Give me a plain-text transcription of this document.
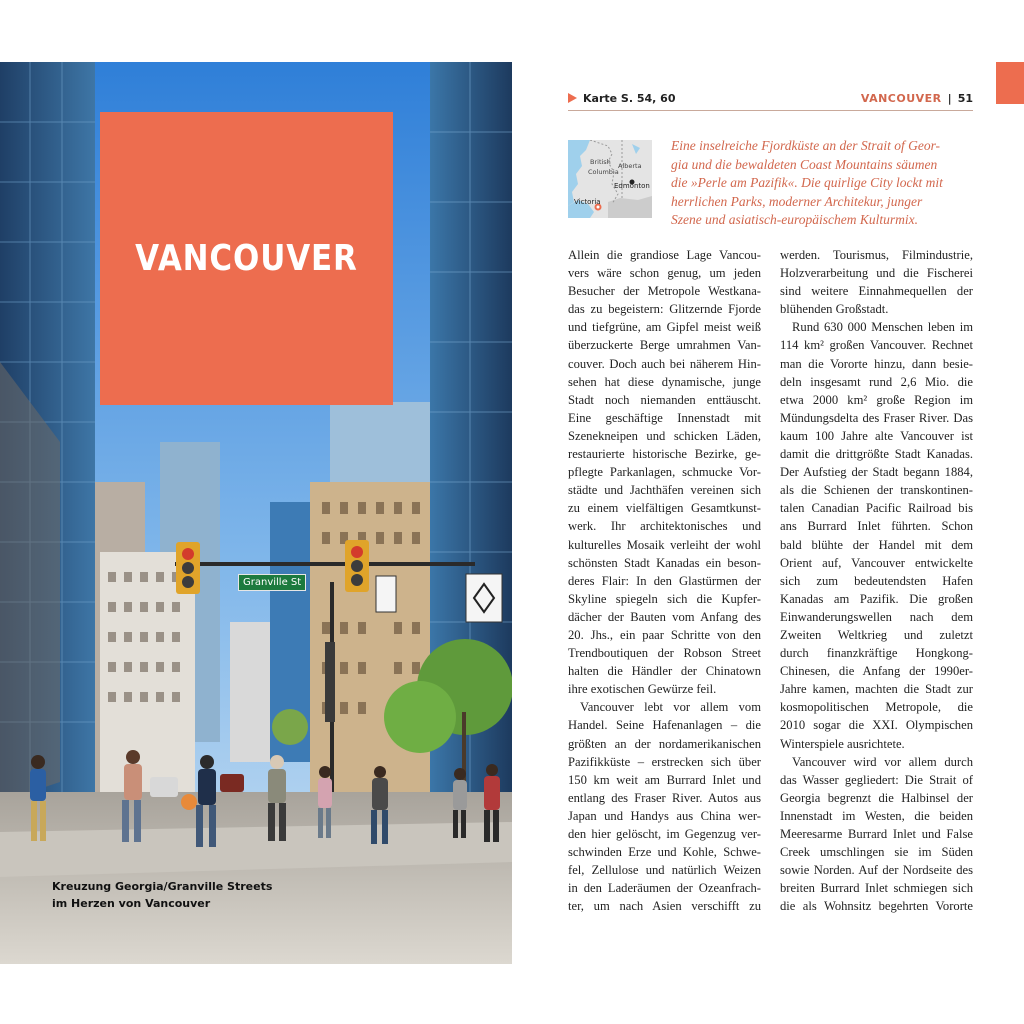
Granville St
VANCOUVER
Kreuzung Georgia/Granville Streets
im Herzen von Vancouver
Karte S. 54, 60	VANCOUVER | 51
British Alberta
Columbia
Edmonton
Victoria
Eine inselreiche Fjordküste an der Strait of Geor-
gia und die bewaldeten Coast Mountains säumen
die »Perle am Pazifik«. Die quirlige City lockt mit
herrlichen Parks, moderner Architekur, junger
Szene und asiatisch-europäischem Kulturmix.
Allein die grandiose Lage Vancou-
vers wäre schon genug, um jeden
Besucher der Metropole Westkana-
das zu begeistern: Glitzernde Fjorde
und tiefgrüne, am Gipfel meist weiß
überzuckerte Berge umrahmen Van-
couver. Doch auch bei näherem Hin-
sehen hat diese dynamische, junge
Stadt noch niemanden enttäuscht.
Eine geschäftige Innenstadt mit
Szenekneipen und schicken Läden,
restaurierte historische Bezirke, ge-
pflegte Parkanlagen, schmucke Vor-
städte und Jachthäfen vereinen sich
zu einem vielfältigen Gesamtkunst-
werk. Ihr architektonisches und
kulturelles Mosaik verleiht der wohl
schönsten Stadt Kanadas ein beson-
deres Flair: In den Glastürmen der
Skyline spiegeln sich die Kupfer-
dächer der Bauten vom Anfang des
20. Jhs., ein paar Schritte von den
Trendboutiquen der Robson Street
halten die Händler der Chinatown
ihre exotischen Gewürze feil.
Vancouver lebt vor allem vom
Handel. Seine Hafenanlagen – die
größten an der nordamerikanischen
Pazifikküste – erstrecken sich über
150 km weit am Burrard Inlet und
entlang des Fraser River. Autos aus
Japan und Handys aus China wer-
den hier gelöscht, im Gegenzug ver-
schwinden Erze und Kohle, Schwe-
fel, Zellulose und natürlich Weizen
in den Laderäumen der Ozeanfrach-
ter, um nach Asien verschifft zu
werden. Tourismus, Filmindustrie,
Holzverarbeitung und die Fischerei
sind weitere Einnahmequellen der
blühenden Großstadt.
Rund 630 000 Menschen leben im
114 km² großen Vancouver. Rechnet
man die Vororte hinzu, dann besie-
deln insgesamt rund 2,6 Mio. die
etwa 2000 km² große Region im
Mündungsdelta des Fraser River. Das
kaum 100 Jahre alte Vancouver ist
damit die drittgrößte Stadt Kanadas.
Der Aufstieg der Stadt begann 1884,
als die Schienen der transkontinen-
talen Canadian Pacific Railroad bis
ans Burrard Inlet führten. Schon
bald blühte der Handel mit dem
Orient auf, Vancouver entwickelte
sich zum bedeutendsten Hafen
Kanadas am Pazifik. Die großen
Einwanderungswellen nach dem
Zweiten Weltkrieg und zuletzt
durch finanzkräftige Hongkong-
Chinesen, die Anfang der 1990er-
Jahre kamen, machten die Stadt zur
kosmopolitischen Metropole, die
2010 sogar die XXI. Olympischen
Winterspiele ausrichtete.
Vancouver wird vor allem durch
das Wasser gegliedert: Die Strait of
Georgia begrenzt die Halbinsel der
Innenstadt im Westen, die beiden
Meeresarme Burrard Inlet und False
Creek umschlingen sie im Süden
sowie Norden. Auf der Nordseite des
breiten Burrard Inlet schmiegen sich
die als Wohnsitz begehrten Vororte
